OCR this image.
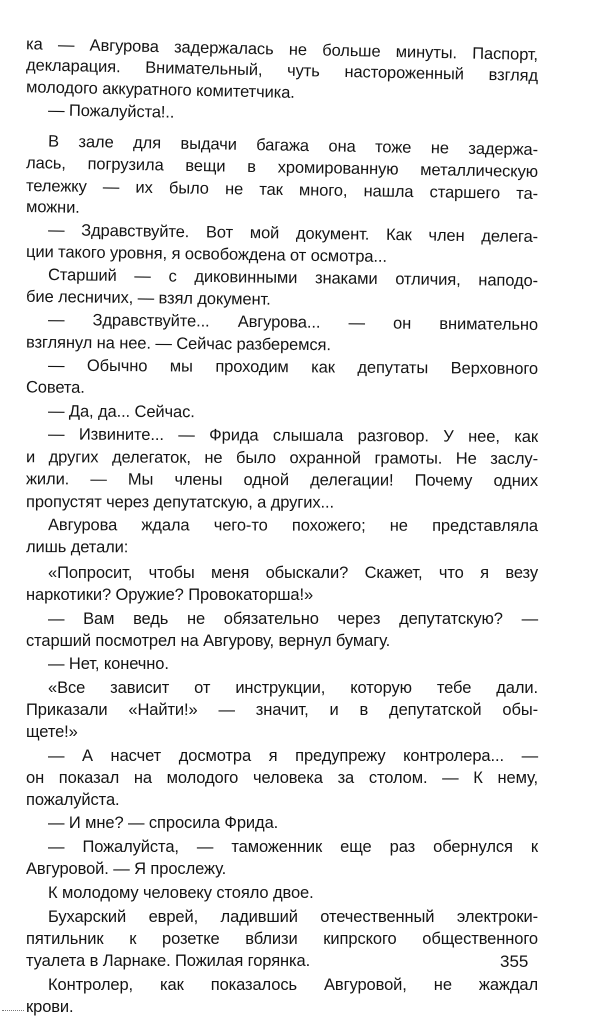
ка — Авгурова задержалась не больше минуты. Паспорт,
декларация. Внимательный, чуть настороженный взгляд
молодого аккуратного комитетчика.
— Пожалуйста!..
В зале для выдачи багажа она тоже не задержа-
лась, погрузила вещи в хромированную металлическую
тележку — их было не так много, нашла старшего та-
можни.
— Здравствуйте. Вот мой документ. Как член делега-
ции такого уровня, я освобождена от осмотра...
Старший — с диковинными знаками отличия, наподо-
бие лесничих, — взял документ.
— Здравствуйте... Авгурова... — он внимательно
взглянул на нее. — Сейчас разберемся.
— Обычно мы проходим как депутаты Верховного
Совета.
— Да, да... Сейчас.
— Извините... — Фрида слышала разговор. У нее, как
и других делегаток, не было охранной грамоты. Не заслу-
жили. — Мы члены одной делегации! Почему одних
пропустят через депутатскую, а других...
Авгурова ждала чего-то похожего; не представляла
лишь детали:
«Попросит, чтобы меня обыскали? Скажет, что я везу
наркотики? Оружие? Провокаторша!»
— Вам ведь не обязательно через депутатскую? —
старший посмотрел на Авгурову, вернул бумагу.
— Нет, конечно.
«Все зависит от инструкции, которую тебе дали.
Приказали «Найти!» — значит, и в депутатской обы-
щете!»
— А насчет досмотра я предупрежу контролера... —
он показал на молодого человека за столом. — К нему,
пожалуйста.
— И мне? — спросила Фрида.
— Пожалуйста, — таможенник еще раз обернулся к
Авгуровой. — Я прослежу.
К молодому человеку стояло двое.
Бухарский еврей, ладивший отечественный электроки-
пятильник к розетке вблизи кипрского общественного
туалета в Ларнаке. Пожилая горянка.
Контролер, как показалось Авгуровой, не жаждал
крови.
355
